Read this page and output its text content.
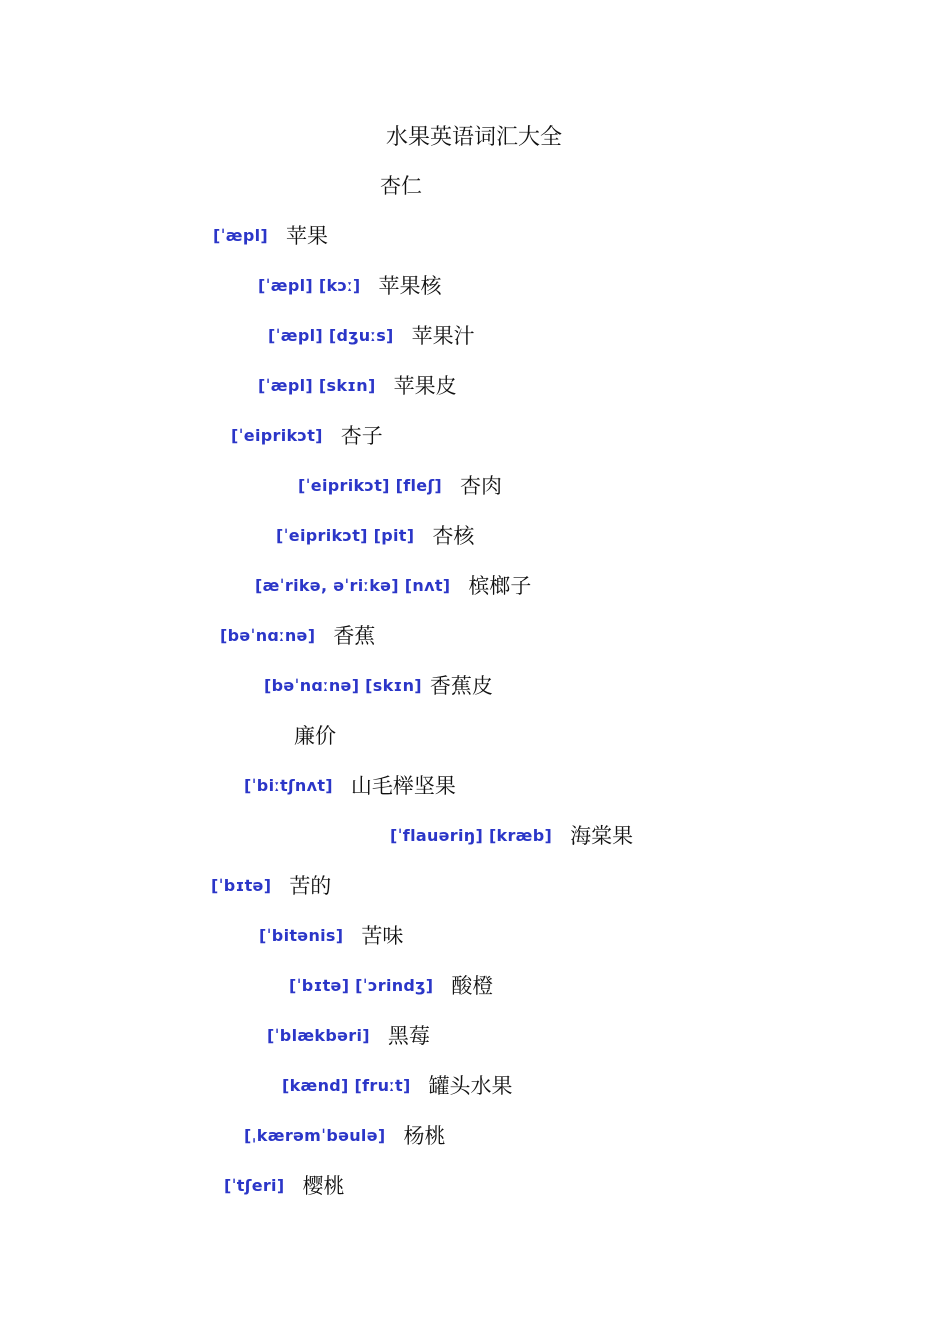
水果英语词汇大全
杏仁
[ˈæpl] 苹果
[ˈæpl] [kɔː] 苹果核
[ˈæpl] [dʒuːs] 苹果汁
[ˈæpl] [skɪn] 苹果皮
[ˈeiprikɔt] 杏子
[ˈeiprikɔt] [fleʃ] 杏肉
[ˈeiprikɔt] [pit] 杏核
[æˈrikə, əˈriːkə] [nʌt] 槟榔子
[bəˈnɑːnə] 香蕉
[bəˈnɑːnə] [skɪn] 香蕉皮
廉价
[ˈbiːtʃnʌt] 山毛榉坚果
[ˈflauəriŋ] [kræb] 海棠果
[ˈbɪtə] 苦的
[ˈbitənis] 苦味
[ˈbɪtə] [ˈɔrindʒ] 酸橙
[ˈblækbəri] 黑莓
[kænd] [fruːt] 罐头水果
[ˌkærəmˈbəulə] 杨桃
[ˈtʃeri] 樱桃
